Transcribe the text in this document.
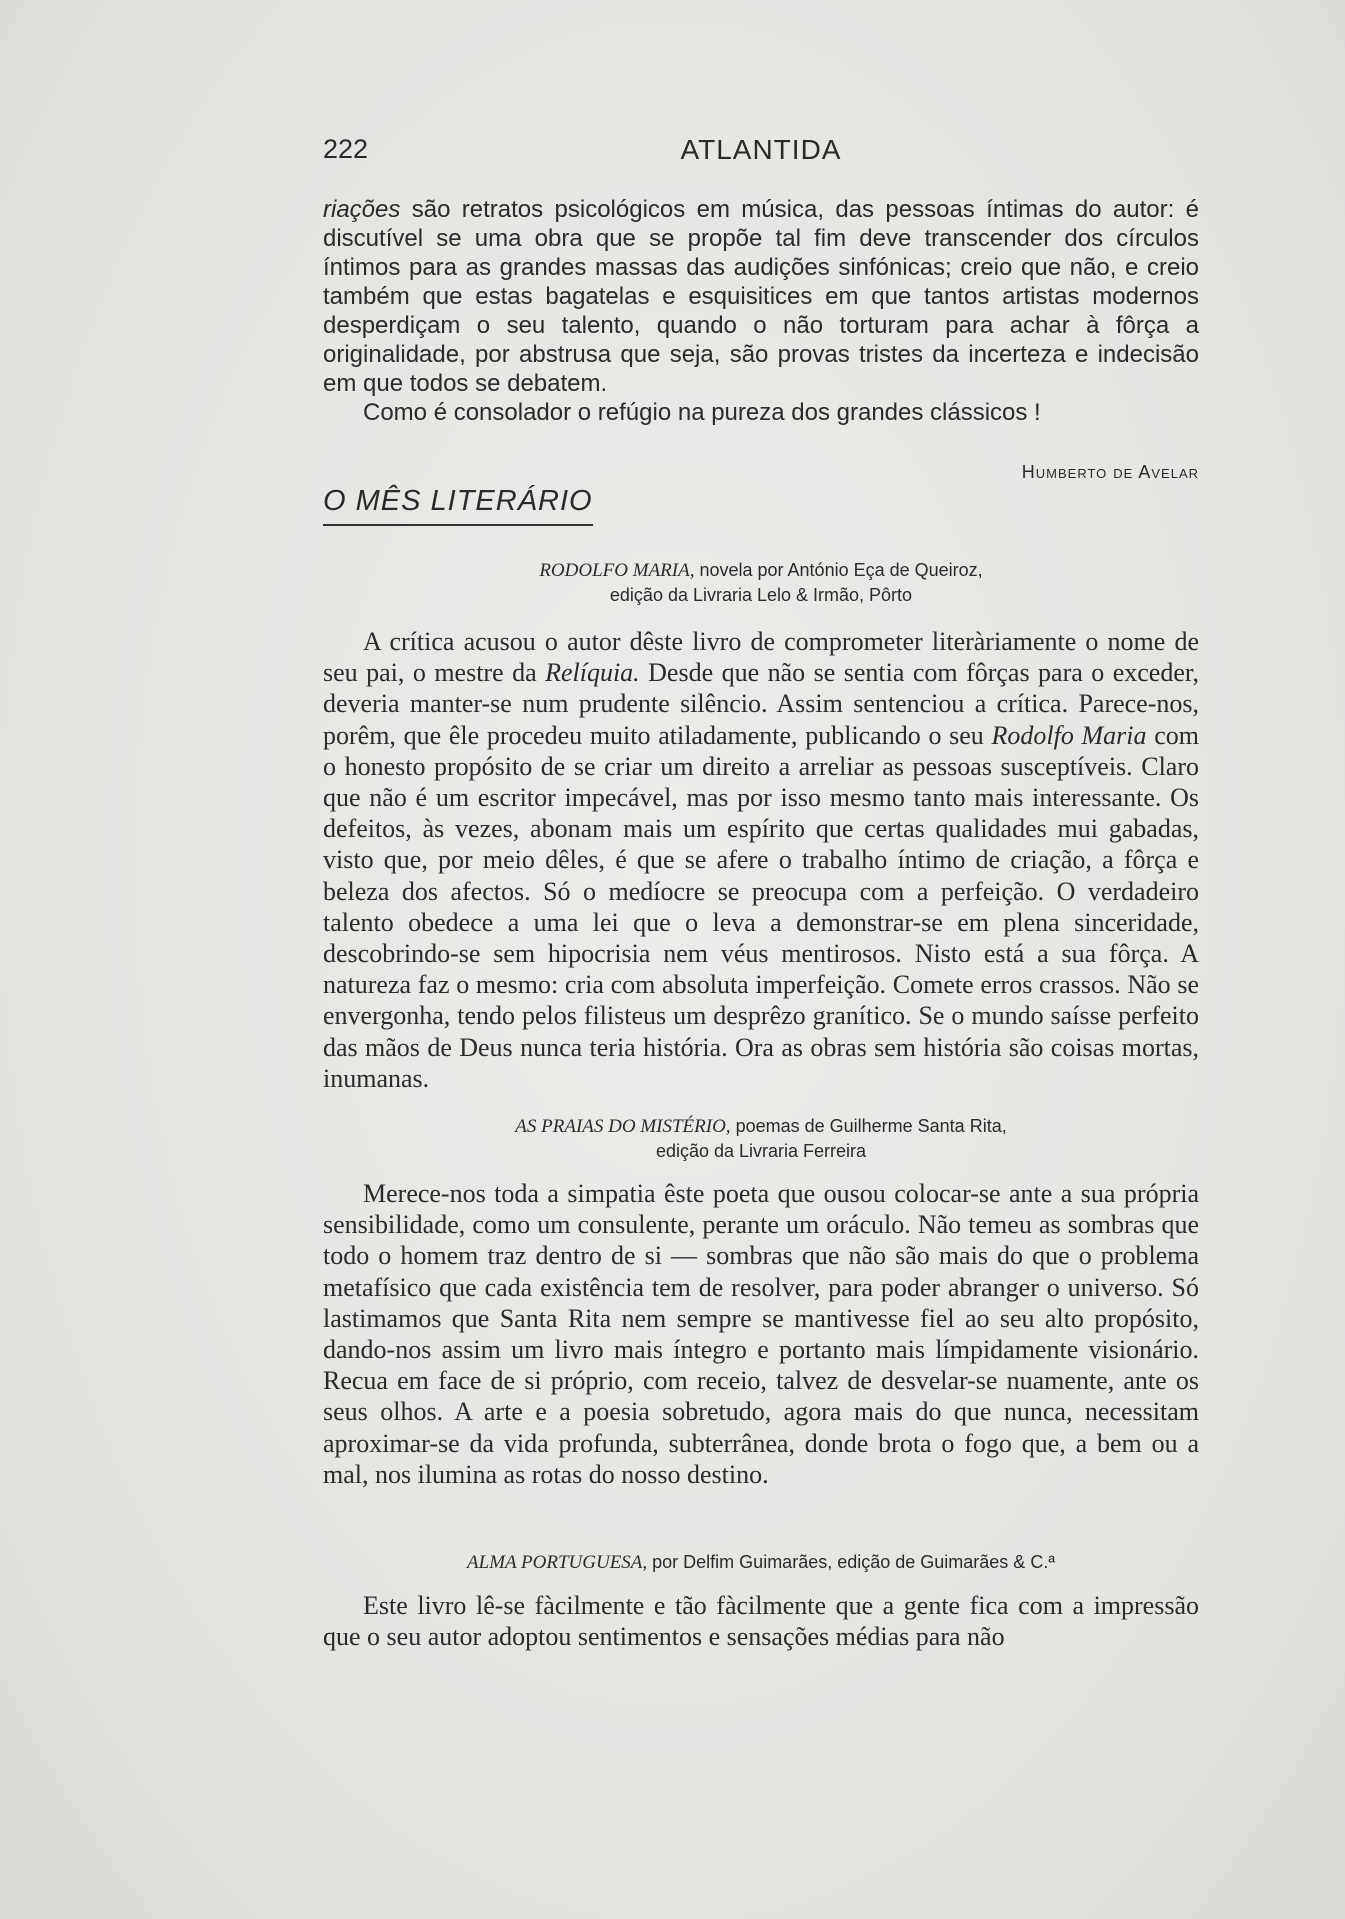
222	ATLANTIDA

riações são retratos psicológicos em música, das pessoas íntimas do autor: é discutível se uma obra que se propõe tal fim deve transcender dos círculos íntimos para as grandes massas das audições sinfónicas; creio que não, e creio também que estas bagatelas e esquisitices em que tantos artistas modernos desperdiçam o seu talento, quando o não torturam para achar à fôrça a originalidade, por abstrusa que seja, são provas tristes da incerteza e indecisão em que todos se debatem.

Como é consolador o refúgio na pureza dos grandes clássicos !

Humberto de Avelar
O MÊS LITERÁRIO
RODOLFO MARIA, novela por António Eça de Queiroz,
edição da Livraria Lelo & Irmão, Pôrto

A crítica acusou o autor dêste livro de comprometer literàriamente o nome de seu pai, o mestre da Relíquia. Desde que não se sentia com fôrças para o exceder, deveria manter-se num prudente silêncio. Assim sentenciou a crítica. Parece-nos, porêm, que êle procedeu muito atiladamente, publicando o seu Rodolfo Maria com o honesto propósito de se criar um direito a arreliar as pessoas susceptíveis. Claro que não é um escritor impecável, mas por isso mesmo tanto mais interessante. Os defeitos, às vezes, abonam mais um espírito que certas qualidades mui gabadas, visto que, por meio dêles, é que se afere o trabalho íntimo de criação, a fôrça e beleza dos afectos. Só o medíocre se preocupa com a perfeição. O verdadeiro talento obedece a uma lei que o leva a demonstrar-se em plena sinceridade, descobrindo-se sem hipocrisia nem véus mentirosos. Nisto está a sua fôrça. A natureza faz o mesmo: cria com absoluta imperfeição. Comete erros crassos. Não se envergonha, tendo pelos filisteus um desprêzo granítico. Se o mundo saísse perfeito das mãos de Deus nunca teria história. Ora as obras sem história são coisas mortas, inumanas.

AS PRAIAS DO MISTÉRIO, poemas de Guilherme Santa Rita,
edição da Livraria Ferreira

Merece-nos toda a simpatia êste poeta que ousou colocar-se ante a sua própria sensibilidade, como um consulente, perante um oráculo. Não temeu as sombras que todo o homem traz dentro de si — sombras que não são mais do que o problema metafísico que cada existência tem de resolver, para poder abranger o universo. Só lastimamos que Santa Rita nem sempre se mantivesse fiel ao seu alto propósito, dando-nos assim um livro mais íntegro e portanto mais límpidamente visionário. Recua em face de si próprio, com receio, talvez de desvelar-se nuamente, ante os seus olhos. A arte e a poesia sobretudo, agora mais do que nunca, necessitam aproximar-se da vida profunda, subterrânea, donde brota o fogo que, a bem ou a mal, nos ilumina as rotas do nosso destino.

ALMA PORTUGUESA, por Delfim Guimarães, edição de Guimarães & C.ª

Este livro lê-se fàcilmente e tão fàcilmente que a gente fica com a impressão que o seu autor adoptou sentimentos e sensações médias para não
